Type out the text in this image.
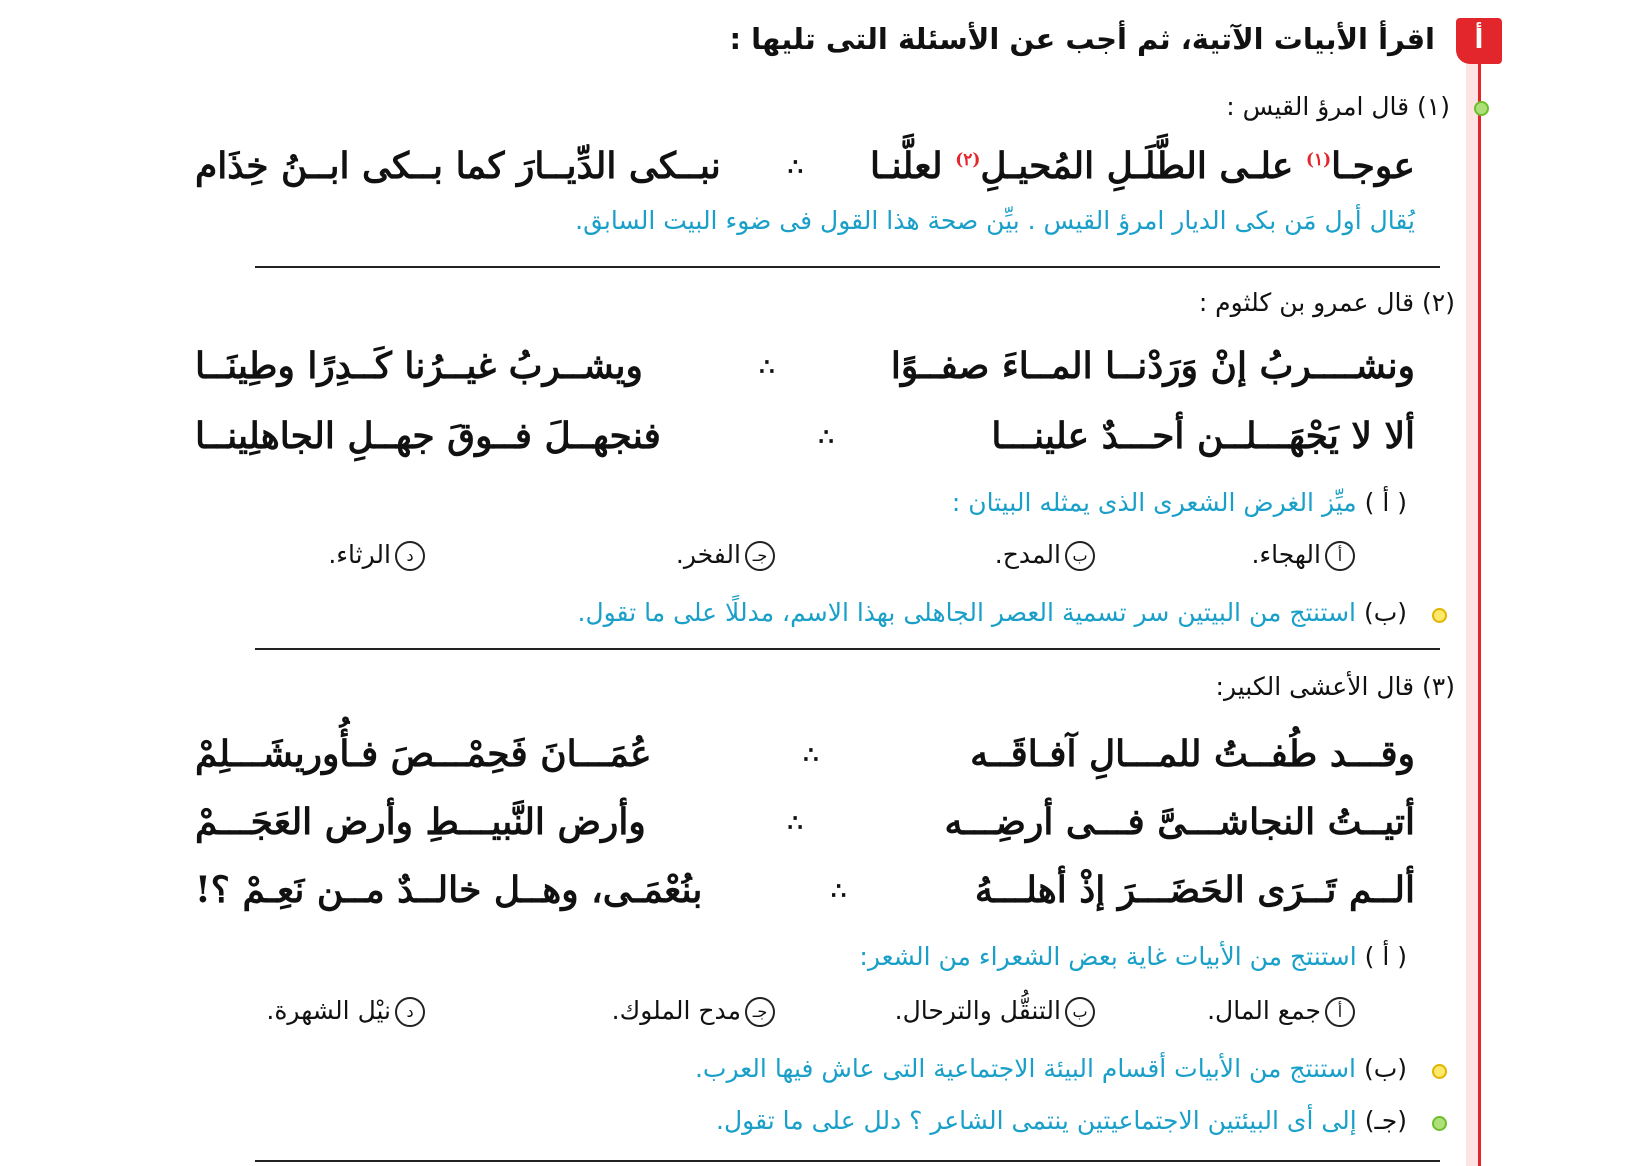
أ
اقرأ الأبيات الآتية، ثم أجب عن الأسئلة التى تليها :
(١) قال امرؤ القيس :
عوجـا$^{(١)}$ علـى الطَّلَـلِ المُحيـلِ$^{(٢)}$ لعلَّنـا
∴
نبــكى الدِّيــارَ كما بــكى ابــنُ خِذَام
يُقال أول مَن بكى الديار امرؤ القيس . بيِّن صحة هذا القول فى ضوء البيت السابق.
(٢) قال عمرو بن كلثوم :
ونشــــربُ إنْ وَرَدْنــا المــاءَ صفــوًا
∴
ويشــربُ غيــرُنا كَــدِرًا وطِينَــا
ألا لا يَجْهَـــلــن أحـــدٌ علينـــا
∴
فنجهــلَ فــوقَ جهــلِ الجاهلِينــا
( أ ) ميِّز الغرض الشعرى الذى يمثله البيتان :
أالهجاء.
بالمدح.
جـالفخر.
دالرثاء.
(ب) استنتج من البيتين سر تسمية العصر الجاهلى بهذا الاسم، مدللًا على ما تقول.
(٣) قال الأعشى الكبير:
وقـــد طُفــتُ للمـــالِ آفـاقَــه
∴
عُمَـــانَ فَحِمْـــصَ فـأُوريشَـــلِمْ
أتيــتُ النجاشـــىَّ فـــى أرضِـــه
∴
وأرض النَّبيـــطِ وأرض العَجَـــمْ
ألــم تَــرَى الحَضَـــرَ إذْ أهلـــهُ
∴
بنُعْمَـى، وهــل خالــدٌ مــن نَعِـمْ ؟!
( أ ) استنتج من الأبيات غاية بعض الشعراء من الشعر:
أجمع المال.
بالتنقُّل والترحال.
جـمدح الملوك.
دنيْل الشهرة.
(ب) استنتج من الأبيات أقسام البيئة الاجتماعية التى عاش فيها العرب.
(جـ) إلى أى البيئتين الاجتماعيتين ينتمى الشاعر ؟ دلل على ما تقول.
